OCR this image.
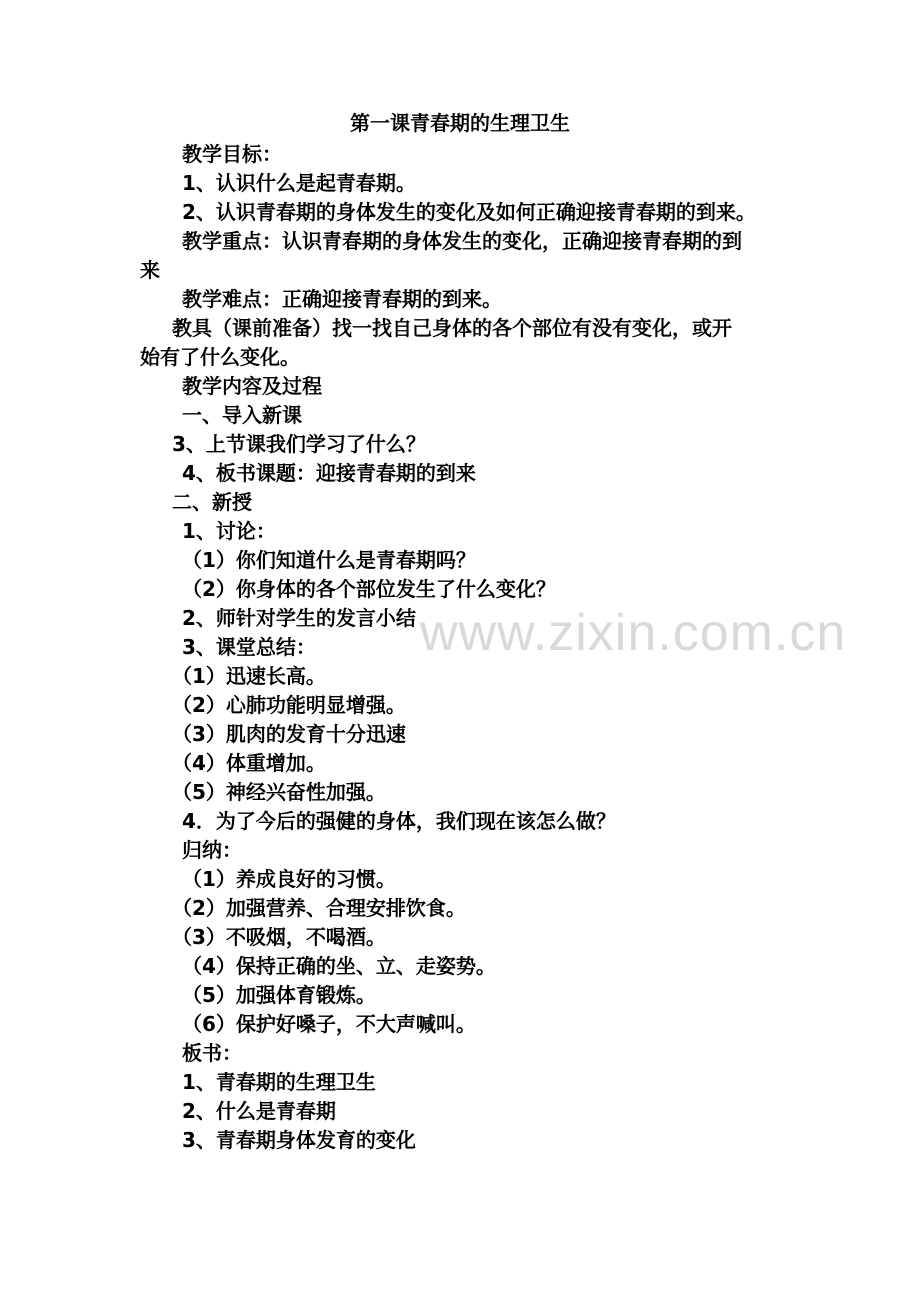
第一课青春期的生理卫生
教学目标：
1、认识什么是起青春期。
2、认识青春期的身体发生的变化及如何正确迎接青春期的到来。
教学重点：认识青春期的身体发生的变化，正确迎接青春期的到
来
教学难点：正确迎接青春期的到来。
教具（课前准备）找一找自己身体的各个部位有没有变化，或开
始有了什么变化。
教学内容及过程
一、导入新课
3、上节课我们学习了什么？
4、板书课题：迎接青春期的到来
二、新授
1、讨论：
（1）你们知道什么是青春期吗？
（2）你身体的各个部位发生了什么变化？
2、师针对学生的发言小结
3、课堂总结：
（1）迅速长高。
（2）心肺功能明显增强。
（3）肌肉的发育十分迅速
（4）体重增加。
（5）神经兴奋性加强。
4．为了今后的强健的身体，我们现在该怎么做？
归纳：
（1）养成良好的习惯。
（2）加强营养、合理安排饮食。
（3）不吸烟，不喝酒。
（4）保持正确的坐、立、走姿势。
（5）加强体育锻炼。
（6）保护好嗓子，不大声喊叫。
板书：
1、青春期的生理卫生
2、什么是青春期
3、青春期身体发育的变化
www.zixin.com.cn
